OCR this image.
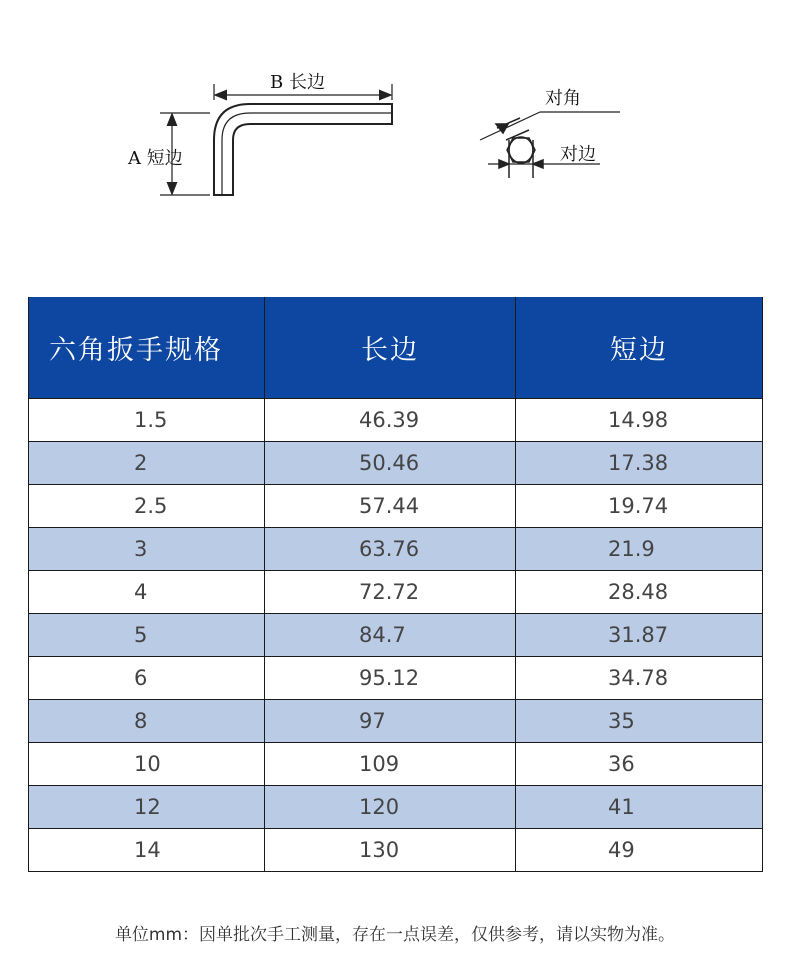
B 长边
A 短边
对角
对边
六角扳手规格	长边	短边
1.5	46.39	14.98
2	50.46	17.38
2.5	57.44	19.74
3	63.76	21.9
4	72.72	28.48
5	84.7	31.87
6	95.12	34.78
8	97	35
10	109	36
12	120	41
14	130	49
单位mm：因单批次手工测量，存在一点误差，仅供参考，请以实物为准。
